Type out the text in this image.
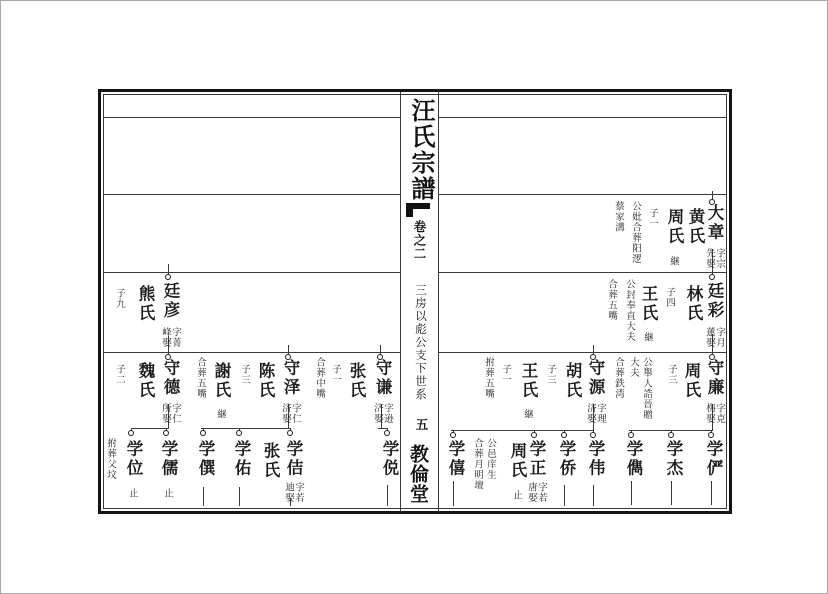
大章
字宗
先娶
黄氏
周氏
継
子一
公妣合葬阳逻
蔡家溝
廷彩
字月
蓮娶
林氏
子四
王氏
継
公封奉直大夫
合葬五嘴
廷彦
字菁
峰娶
熊氏
子九
守廉
字克
栴娶
周氏
子三
公舉人誥晉贈
大夫
合葬鉄湾
守源
字理
济娶
胡氏
子三
王氏
継
子一
拊葬五嘴
守谦
字逊
济娶
张氏
子一
合葬中嘴
守泽
字仁
济娶
陈氏
子三
謝氏
継
合葬五嘴
守德
字仁
所娶
魏氏
子二
学俨
学杰
学儁
学伟
学侨
学正
字若
唐娶
周氏
止
公邑庠生
合葬月明壇
学僖
学侻
学佶
字若
迪娶
张氏
学佑
学僎
学儒
止
学位
止
拊葬父坟
汪氏宗譜
卷之二
三房以彪公支下世系
五
教倫堂
